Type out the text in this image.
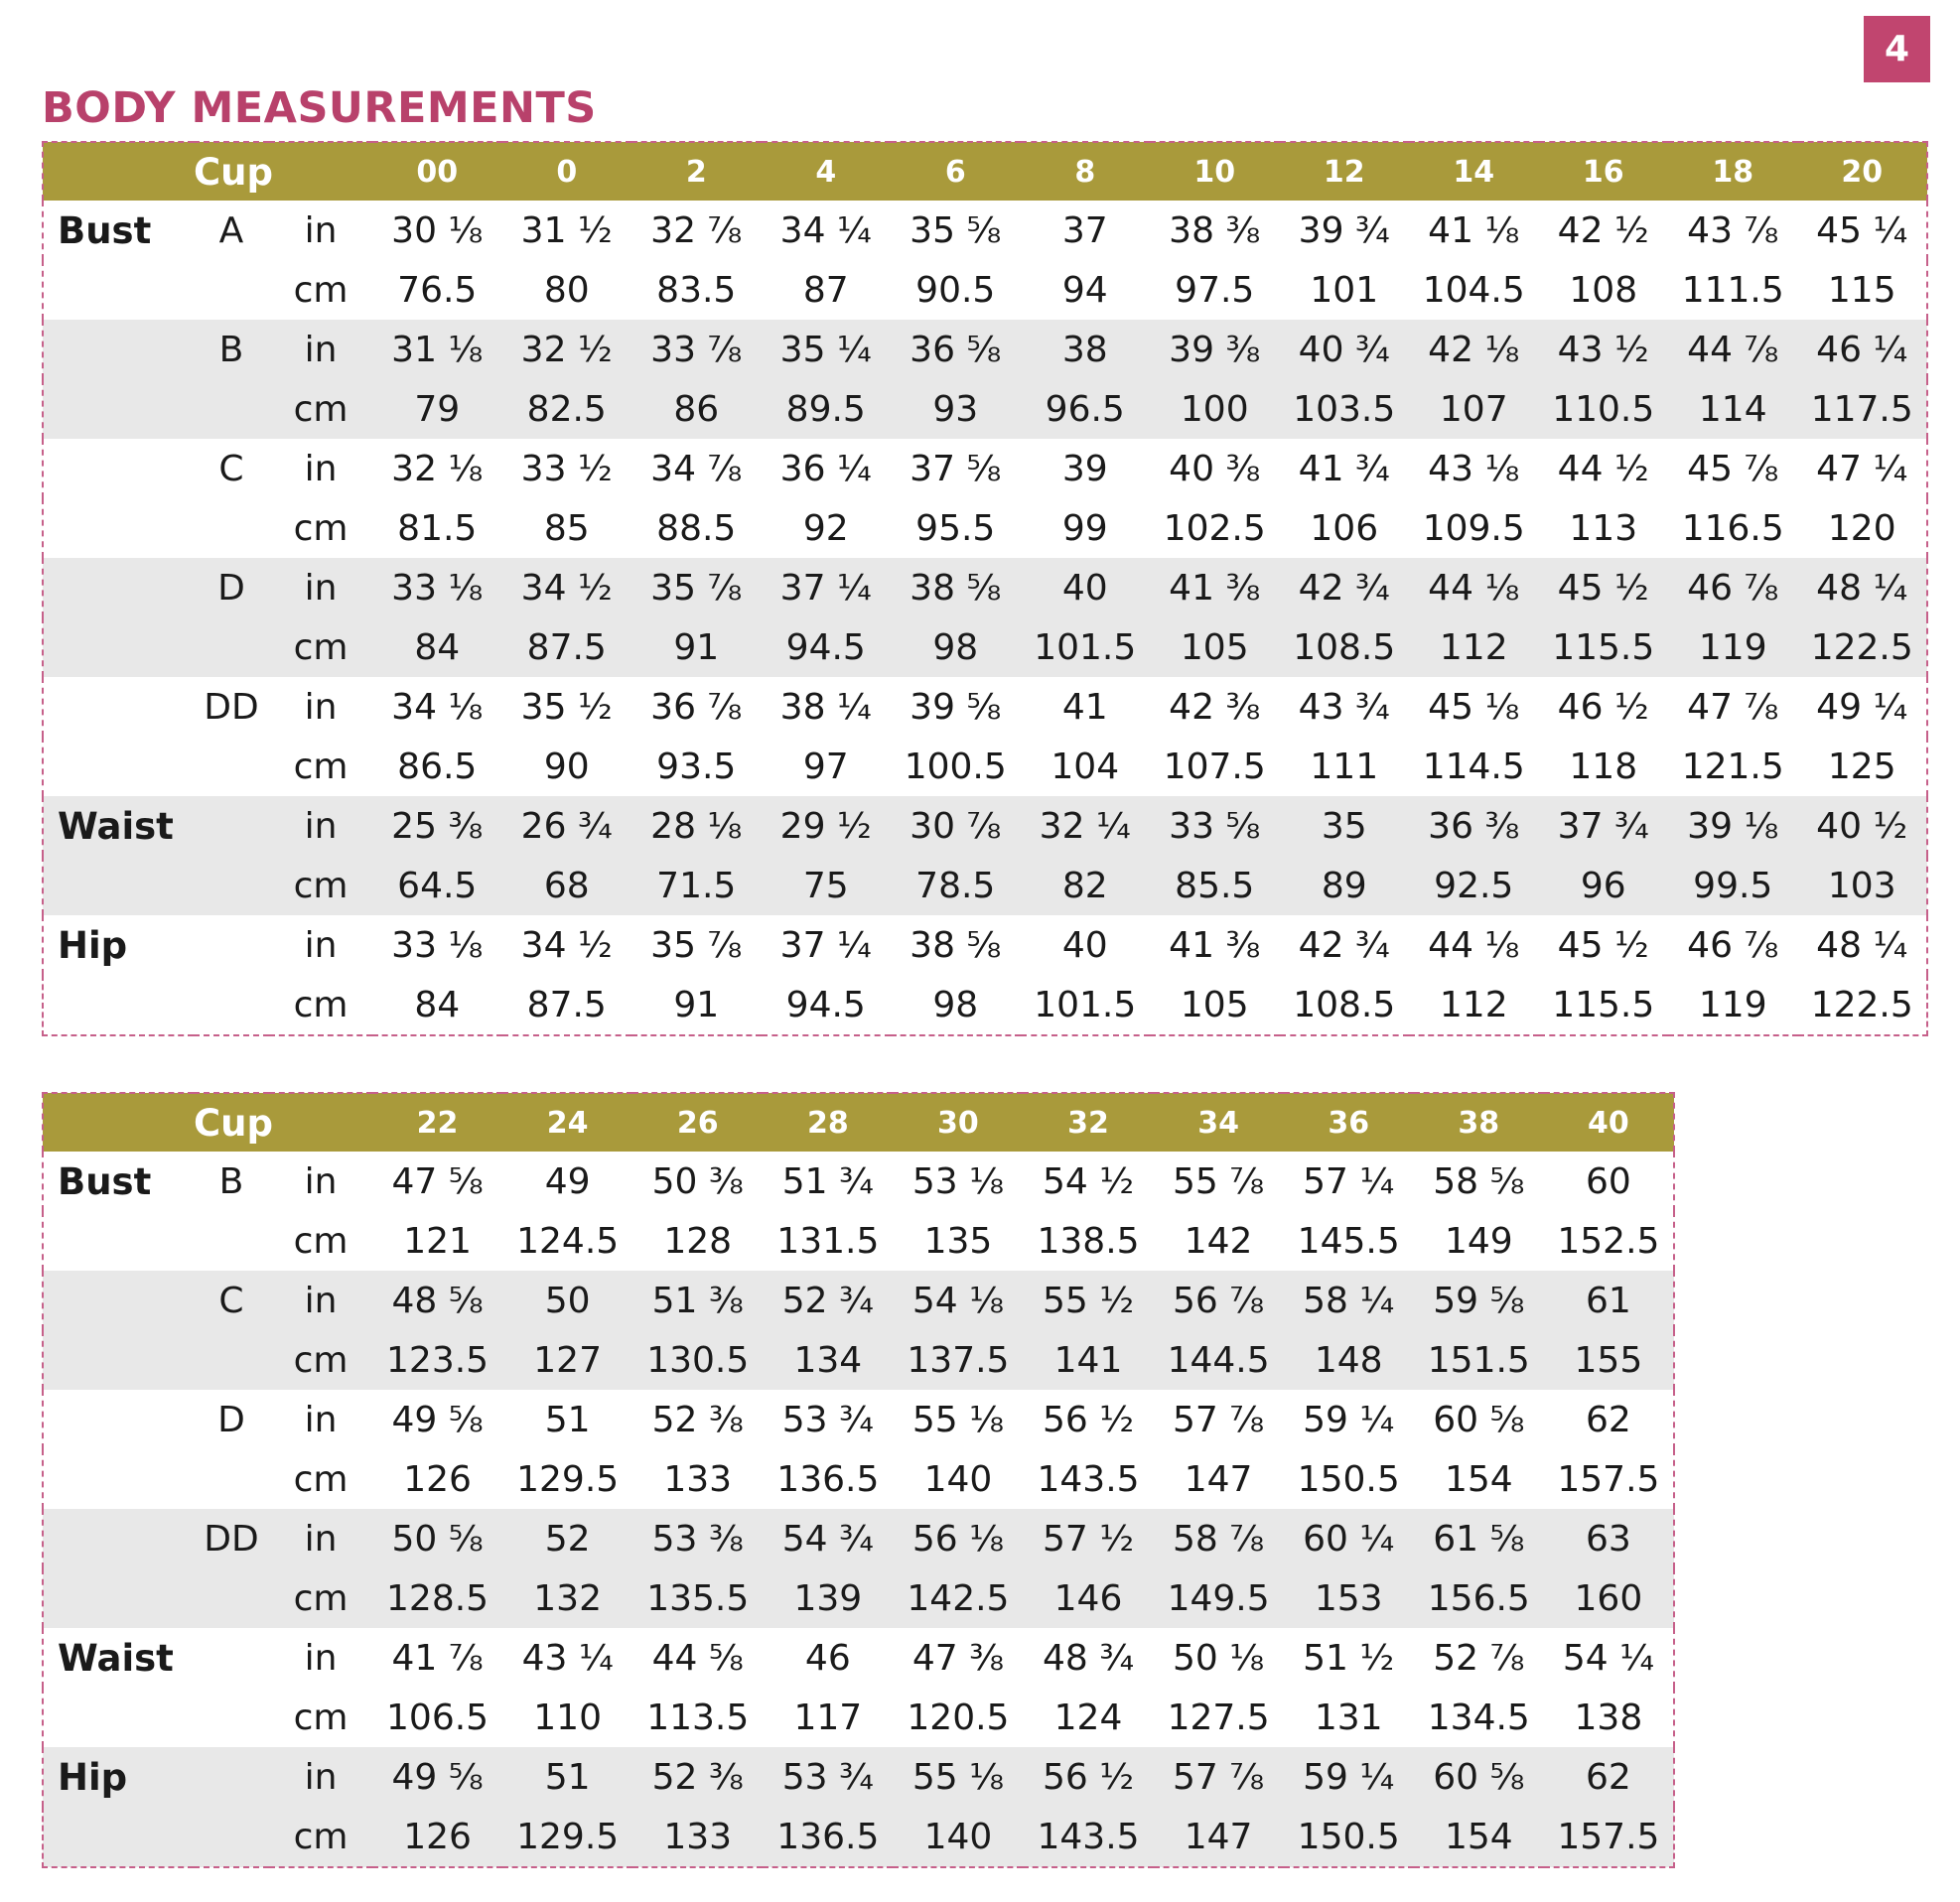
4
BODY MEASUREMENTS
	Cup		00	0	2	4	6	8	10	12	14	16	18	20
Bust	A	in	30 ⅛	31 ½	32 ⅞	34 ¼	35 ⅝	37	38 ⅜	39 ¾	41 ⅛	42 ½	43 ⅞	45 ¼
		cm	76.5	80	83.5	87	90.5	94	97.5	101	104.5	108	111.5	115
	B	in	31 ⅛	32 ½	33 ⅞	35 ¼	36 ⅝	38	39 ⅜	40 ¾	42 ⅛	43 ½	44 ⅞	46 ¼
		cm	79	82.5	86	89.5	93	96.5	100	103.5	107	110.5	114	117.5
	C	in	32 ⅛	33 ½	34 ⅞	36 ¼	37 ⅝	39	40 ⅜	41 ¾	43 ⅛	44 ½	45 ⅞	47 ¼
		cm	81.5	85	88.5	92	95.5	99	102.5	106	109.5	113	116.5	120
	D	in	33 ⅛	34 ½	35 ⅞	37 ¼	38 ⅝	40	41 ⅜	42 ¾	44 ⅛	45 ½	46 ⅞	48 ¼
		cm	84	87.5	91	94.5	98	101.5	105	108.5	112	115.5	119	122.5
	DD	in	34 ⅛	35 ½	36 ⅞	38 ¼	39 ⅝	41	42 ⅜	43 ¾	45 ⅛	46 ½	47 ⅞	49 ¼
		cm	86.5	90	93.5	97	100.5	104	107.5	111	114.5	118	121.5	125
Waist		in	25 ⅜	26 ¾	28 ⅛	29 ½	30 ⅞	32 ¼	33 ⅝	35	36 ⅜	37 ¾	39 ⅛	40 ½
		cm	64.5	68	71.5	75	78.5	82	85.5	89	92.5	96	99.5	103
Hip		in	33 ⅛	34 ½	35 ⅞	37 ¼	38 ⅝	40	41 ⅜	42 ¾	44 ⅛	45 ½	46 ⅞	48 ¼
		cm	84	87.5	91	94.5	98	101.5	105	108.5	112	115.5	119	122.5
	Cup		22	24	26	28	30	32	34	36	38	40
Bust	B	in	47 ⅝	49	50 ⅜	51 ¾	53 ⅛	54 ½	55 ⅞	57 ¼	58 ⅝	60
		cm	121	124.5	128	131.5	135	138.5	142	145.5	149	152.5
	C	in	48 ⅝	50	51 ⅜	52 ¾	54 ⅛	55 ½	56 ⅞	58 ¼	59 ⅝	61
		cm	123.5	127	130.5	134	137.5	141	144.5	148	151.5	155
	D	in	49 ⅝	51	52 ⅜	53 ¾	55 ⅛	56 ½	57 ⅞	59 ¼	60 ⅝	62
		cm	126	129.5	133	136.5	140	143.5	147	150.5	154	157.5
	DD	in	50 ⅝	52	53 ⅜	54 ¾	56 ⅛	57 ½	58 ⅞	60 ¼	61 ⅝	63
		cm	128.5	132	135.5	139	142.5	146	149.5	153	156.5	160
Waist		in	41 ⅞	43 ¼	44 ⅝	46	47 ⅜	48 ¾	50 ⅛	51 ½	52 ⅞	54 ¼
		cm	106.5	110	113.5	117	120.5	124	127.5	131	134.5	138
Hip		in	49 ⅝	51	52 ⅜	53 ¾	55 ⅛	56 ½	57 ⅞	59 ¼	60 ⅝	62
		cm	126	129.5	133	136.5	140	143.5	147	150.5	154	157.5
